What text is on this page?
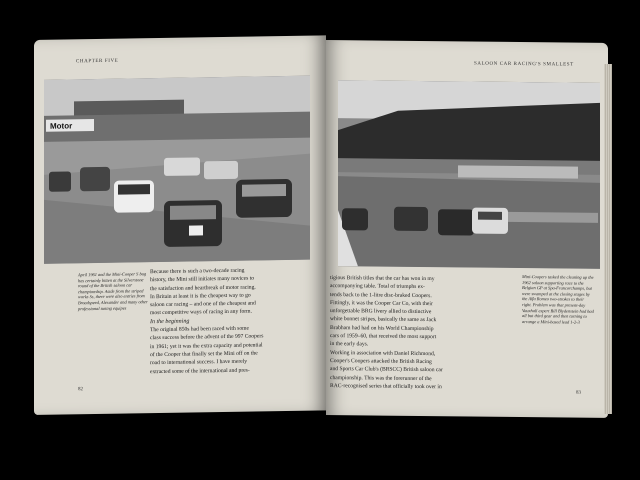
CHAPTER FIVE
Motor
April 1961 and the Mini-Cooper S bug has certainly bitten at the Silverstone round of the British saloon car championship. Aside from the striped works Ss, there were also entries from Broadspeed, Alexander and many other professional tuning equipes

Because there is such a two-decade racing

history, the Mini still initiates many novices to

the satisfaction and heartbreak of motor racing.

In Britain at least it is the cheapest way to go

saloon car racing – and one of the cheapest and

most competitive ways of racing in any form.

In the beginning

The original 850s had been raced with some

class success before the advent of the 997 Coopers

in 1961; yet it was the extra capacity and potential

of the Cooper that finally set the Mini off on the

road to international success. I have merely

extracted some of the international and pres-

82
SALOON CAR RACING'S SMALLEST

tigious British titles that the car has won in my

accompanying table. Total of triumphs ex-

tends back to the 1-litre disc-braked Coopers.

Fittingly, it was the Cooper Car Co, with their

unforgettable BRG livery allied to distinctive

white bonnet stripes, basically the same as Jack

Brabham had had on his World Championship

cars of 1959–60, that received the most support

in the early days.

Working in association with Daniel Richmond,

Cooper's Coopers attacked the British Racing

and Sports Car Club's (BRSCC) British saloon car

championship. This was the forerunner of the

RAC-recognised series that officially took over in

Mini-Coopers tasked the cleaning up the 1962 saloon supporting race to the Belgian GP at Spa-Francorchamps, but were swamped at the closing stages by the Alfa Romeo two-strokes to their right. Problem was that present-day Vauxhall expert Bill Blydenstein had had all but third gear and then turning to arrange a Mini-based lead 1-2-3
83
